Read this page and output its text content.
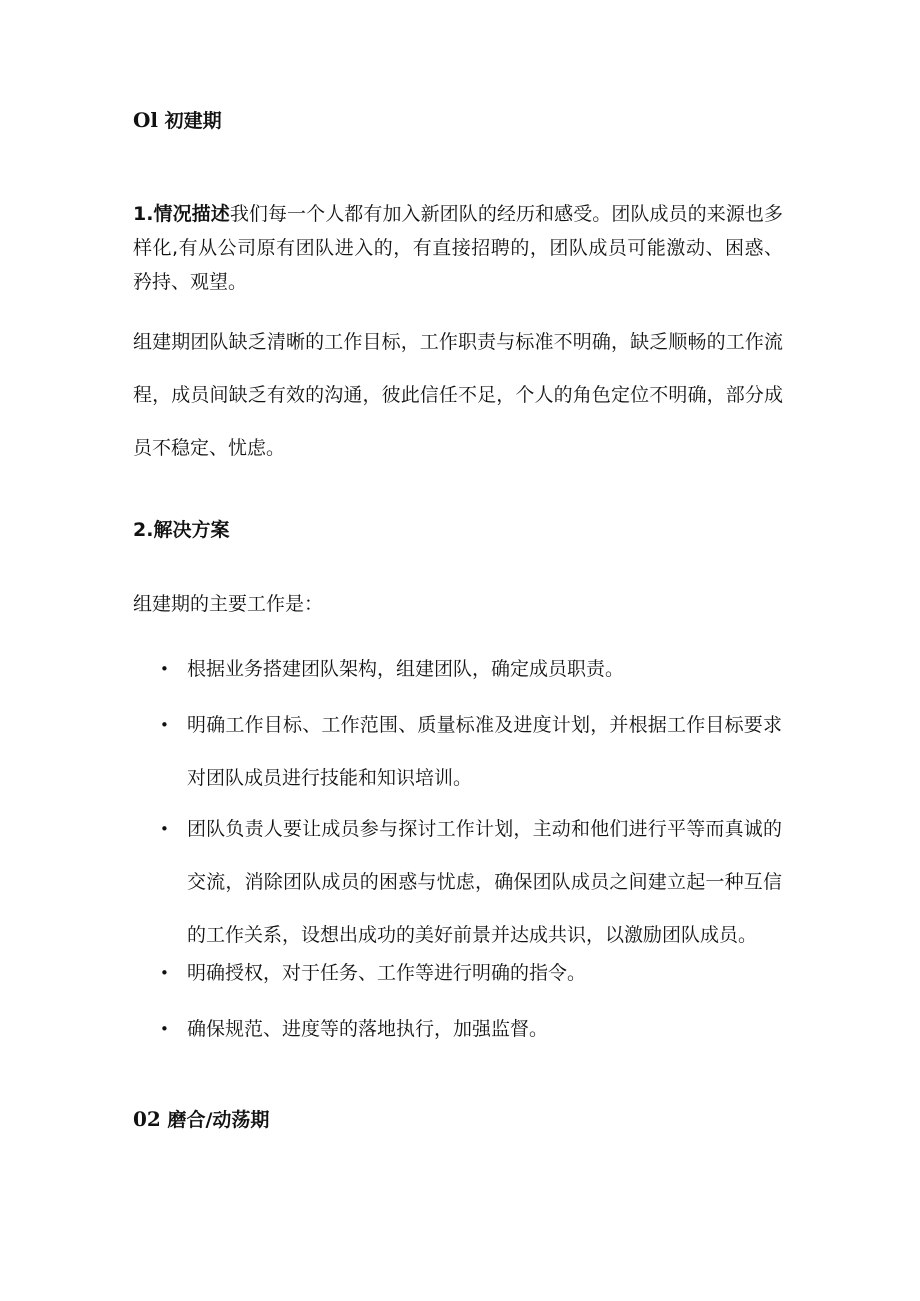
Ol 初建期
1.情况描述我们每一个人都有加入新团队的经历和感受。团队成员的来源也多样化,有从公司原有团队进入的，有直接招聘的，团队成员可能激动、困惑、矜持、观望。
组建期团队缺乏清晰的工作目标，工作职责与标准不明确，缺乏顺畅的工作流程，成员间缺乏有效的沟通，彼此信任不足，个人的角色定位不明确，部分成员不稳定、忧虑。
2.解决方案
组建期的主要工作是：
• 根据业务搭建团队架构，组建团队，确定成员职责。
• 明确工作目标、工作范围、质量标准及进度计划，并根据工作目标要求对团队成员进行技能和知识培训。
• 团队负责人要让成员参与探讨工作计划，主动和他们进行平等而真诚的交流，消除团队成员的困惑与忧虑，确保团队成员之间建立起一种互信的工作关系，设想出成功的美好前景并达成共识，以激励团队成员。
• 明确授权，对于任务、工作等进行明确的指令。
• 确保规范、进度等的落地执行，加强监督。
02 磨合/动荡期
